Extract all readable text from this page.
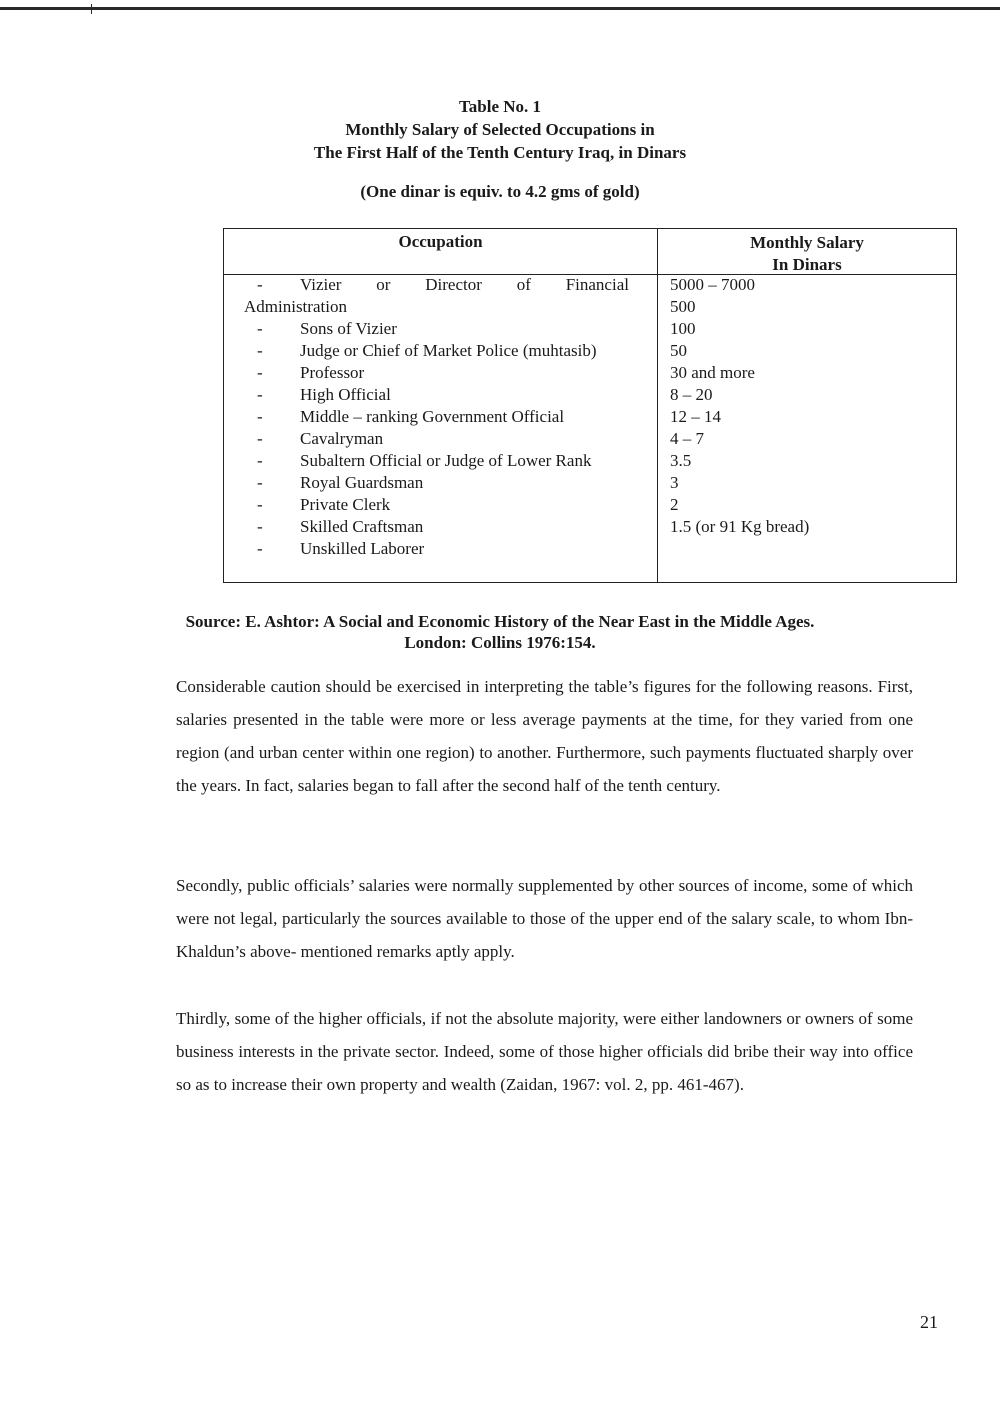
Table No. 1
Monthly Salary of Selected Occupations in
The First Half of the Tenth Century Iraq, in Dinars
(One dinar is equiv. to 4.2 gms of gold)
Occupation	Monthly Salary
In Dinars
- Vizier or Director of Financial
Administration
- Sons of Vizier
- Judge or Chief of Market Police (muhtasib)
- Professor
- High Official
- Middle – ranking Government Official
- Cavalryman
- Subaltern Official or Judge of Lower Rank
- Royal Guardsman
- Private Clerk
- Skilled Craftsman
- Unskilled Laborer
5000 – 7000
500
100
50
30 and more
8 – 20
12 – 14
4 – 7
3.5
3
2
1.5 (or 91 Kg bread)
Source: E. Ashtor: A Social and Economic History of the Near East in the Middle Ages.
London: Collins 1976:154.

Considerable caution should be exercised in interpreting the table’s figures for the following reasons. First, salaries presented in the table were more or less average payments at the time, for they varied from one region (and urban center within one region) to another. Furthermore, such payments fluctuated sharply over the years. In fact, salaries began to fall after the second half of the tenth century.

Secondly, public officials’ salaries were normally supplemented by other sources of income, some of which were not legal, particularly the sources available to those of the upper end of the salary scale, to whom Ibn-Khaldun’s above- mentioned remarks aptly apply.

Thirdly, some of the higher officials, if not the absolute majority, were either landowners or owners of some business interests in the private sector. Indeed, some of those higher officials did bribe their way into office so as to increase their own property and wealth (Zaidan, 1967: vol. 2, pp. 461-467).

21
